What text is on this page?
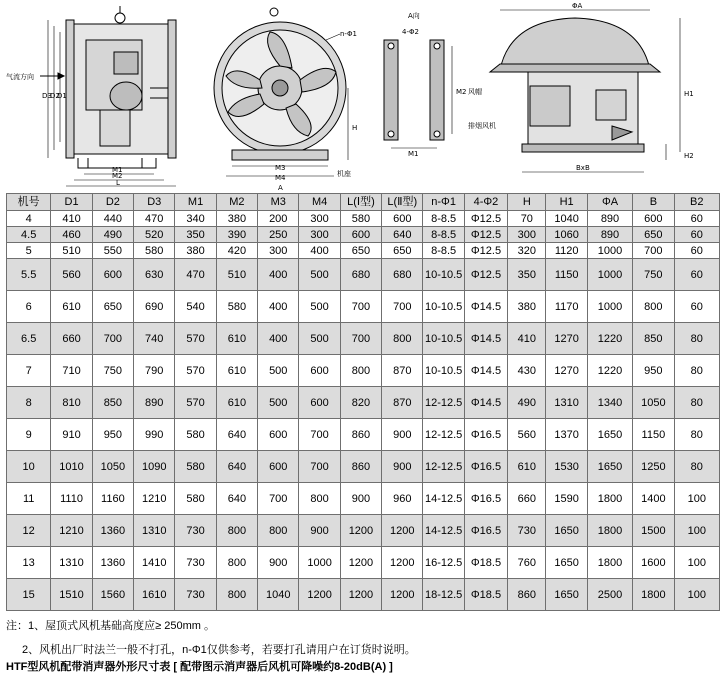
气流方向
D3
D2
D1
M1
M2
L
n-Φ1
H
M3
M4	机座
A
A向
4-Φ2
M1
M2
ΦA
H1
H2
风帽
排烟风机
BxB
机号	D1	D2	D3	M1	M2	M3	M4	L(Ⅰ型)	L(Ⅱ型)	n-Φ1	4-Φ2	H	H1	ΦA	B	B2
4	410	440	470	340	380	200	300	580	600	8-8.5	Φ12.5	70	1040	890	600	60
4.5	460	490	520	350	390	250	300	600	640	8-8.5	Φ12.5	300	1060	890	650	60
5	510	550	580	380	420	300	400	650	650	8-8.5	Φ12.5	320	1120	1000	700	60
5.5	560	600	630	470	510	400	500	680	680	10-10.5	Φ12.5	350	1150	1000	750	60
6	610	650	690	540	580	400	500	700	700	10-10.5	Φ14.5	380	1170	1000	800	60
6.5	660	700	740	570	610	400	500	700	800	10-10.5	Φ14.5	410	1270	1220	850	80
7	710	750	790	570	610	500	600	800	870	10-10.5	Φ14.5	430	1270	1220	950	80
8	810	850	890	570	610	500	600	820	870	12-12.5	Φ14.5	490	1310	1340	1050	80
9	910	950	990	580	640	600	700	860	900	12-12.5	Φ16.5	560	1370	1650	1150	80
10	1010	1050	1090	580	640	600	700	860	900	12-12.5	Φ16.5	610	1530	1650	1250	80
11	1110	1160	1210	580	640	700	800	900	960	14-12.5	Φ16.5	660	1590	1800	1400	100
12	1210	1360	1310	730	800	800	900	1200	1200	14-12.5	Φ16.5	730	1650	1800	1500	100
13	1310	1360	1410	730	800	900	1000	1200	1200	16-12.5	Φ18.5	760	1650	1800	1600	100
15	1510	1560	1610	730	800	1040	1200	1200	1200	18-12.5	Φ18.5	860	1650	2500	1800	100
注：1、屋顶式风机基础高度应≥ 250mm 。
2、风机出厂时法兰一般不打孔，n-Φ1仅供参考，若要打孔请用户在订货时说明。
HTF型风机配带消声器外形尺寸表 [ 配带图示消声器后风机可降噪约8-20dB(A) ]
